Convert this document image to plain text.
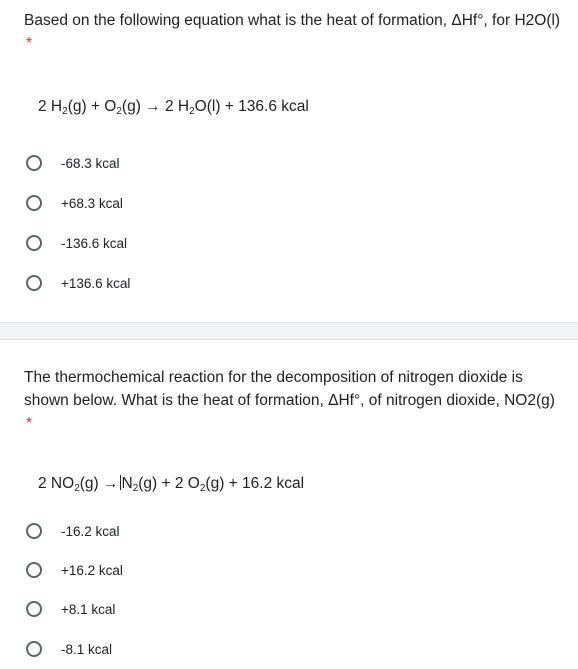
Based on the following equation what is the heat of formation, ΔHf°, for H2O(l) *
2 $H_2(g) + O_2(g) \to 2$ $H_2O(l) + 136.6$ kcal
-68.3 kcal
+68.3 kcal
-136.6 kcal
+136.6 kcal
The thermochemical reaction for the decomposition of nitrogen dioxide is shown below. What is the heat of formation, ΔHf°, of nitrogen dioxide, NO2(g) *
2 $NO_2(g) \to N_2(g) + 2$ $O_2(g) + 16.2$ kcal
-16.2 kcal
+16.2 kcal
+8.1 kcal
-8.1 kcal
